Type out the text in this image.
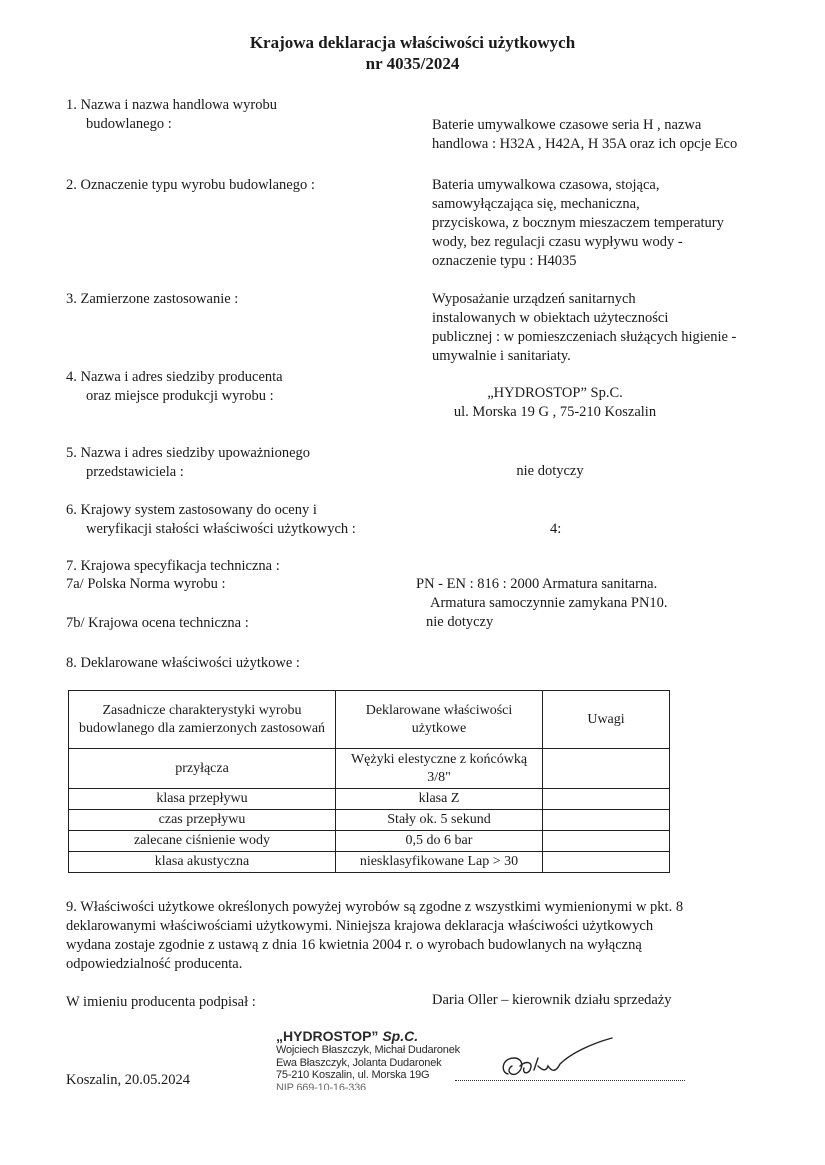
Krajowa deklaracja właściwości użytkowych
nr 4035/2024
1. Nazwa i nazwa handlowa wyrobu
budowlanego :	Baterie umywalkowe czasowe seria H , nazwa
handlowa : H32A , H42A, H 35A oraz ich opcje Eco
2. Oznaczenie typu wyrobu budowlanego :	Bateria umywalkowa czasowa, stojąca,
samowyłączająca się, mechaniczna,
przyciskowa, z bocznym mieszaczem temperatury
wody, bez regulacji czasu wypływu wody -
oznaczenie typu : H4035
3. Zamierzone zastosowanie :	Wyposażanie urządzeń sanitarnych
instalowanych w obiektach użyteczności
publicznej : w pomieszczeniach służących higienie -
umywalnie i sanitariaty.
4. Nazwa i adres siedziby producenta
oraz miejsce produkcji wyrobu :	„HYDROSTOP” Sp.C.
ul. Morska 19 G , 75-210 Koszalin
5. Nazwa i adres siedziby upoważnionego
przedstawiciela :	nie dotyczy
6. Krajowy system zastosowany do oceny i
weryfikacji stałości właściwości użytkowych :	4:
7. Krajowa specyfikacja techniczna :
7a/ Polska Norma wyrobu :	PN - EN : 816 : 2000 Armatura sanitarna.
Armatura samoczynnie zamykana PN10.
7b/ Krajowa ocena techniczna :	nie dotyczy
8. Deklarowane właściwości użytkowe :
Zasadnicze charakterystyki wyrobu budowlanego dla zamierzonych zastosowań	Deklarowane właściwości użytkowe	Uwagi
przyłącza	Wężyki elestyczne z końcówką 3/8"	
klasa przepływu	klasa Z	
czas przepływu	Stały ok. 5 sekund	
zalecane ciśnienie wody	0,5 do 6 bar	
klasa akustyczna	niesklasyfikowane Lap > 30	
9. Właściwości użytkowe określonych powyżej wyrobów są zgodne z wszystkimi wymienionymi w pkt. 8
deklarowanymi właściwościami użytkowymi. Niniejsza krajowa deklaracja właściwości użytkowych
wydana zostaje zgodnie z ustawą z dnia 16 kwietnia 2004 r. o wyrobach budowlanych na wyłączną
odpowiedzialność producenta.
W imieniu producenta podpisał :	Daria Oller – kierownik działu sprzedaży
Koszalin, 20.05.2024
„HYDROSTOP” Sp.C.
Wojciech Błaszczyk, Michał Dudaronek
Ewa Błaszczyk, Jolanta Dudaronek
75-210 Koszalin, ul. Morska 19G
NIP 669-10-16-336
